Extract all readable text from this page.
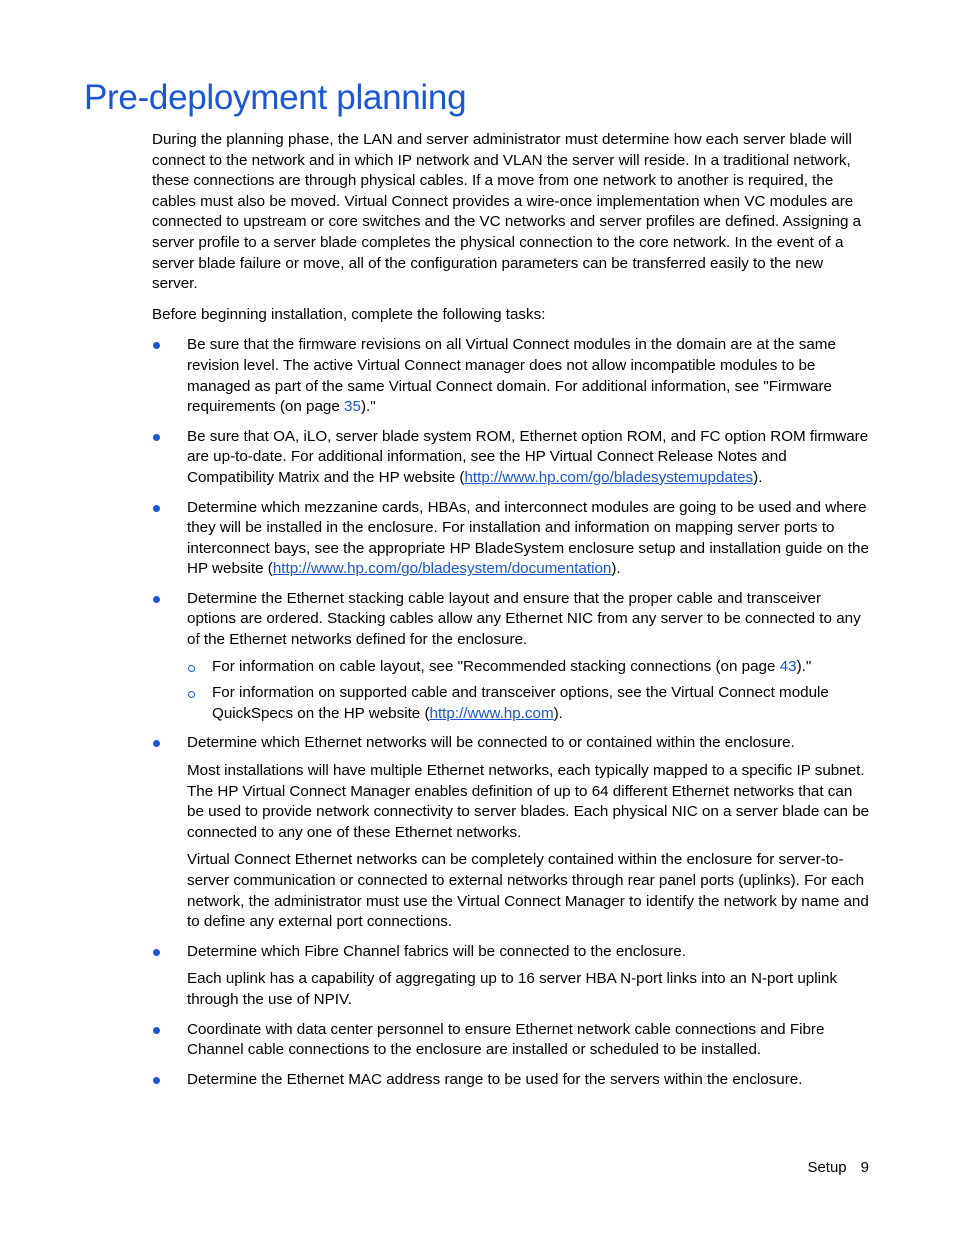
Pre-deployment planning

During the planning phase, the LAN and server administrator must determine how each server blade will connect to the network and in which IP network and VLAN the server will reside. In a traditional network, these connections are through physical cables. If a move from one network to another is required, the cables must also be moved. Virtual Connect provides a wire-once implementation when VC modules are connected to upstream or core switches and the VC networks and server profiles are defined. Assigning a server profile to a server blade completes the physical connection to the core network. In the event of a server blade failure or move, all of the configuration parameters can be transferred easily to the new server.

Before beginning installation, complete the following tasks:

Be sure that the firmware revisions on all Virtual Connect modules in the domain are at the same revision level. The active Virtual Connect manager does not allow incompatible modules to be managed as part of the same Virtual Connect domain. For additional information, see "Firmware requirements (on page 35)."

Be sure that OA, iLO, server blade system ROM, Ethernet option ROM, and FC option ROM firmware are up-to-date. For additional information, see the HP Virtual Connect Release Notes and Compatibility Matrix and the HP website (http://www.hp.com/go/bladesystemupdates).

Determine which mezzanine cards, HBAs, and interconnect modules are going to be used and where they will be installed in the enclosure. For installation and information on mapping server ports to interconnect bays, see the appropriate HP BladeSystem enclosure setup and installation guide on the HP website (http://www.hp.com/go/bladesystem/documentation).

Determine the Ethernet stacking cable layout and ensure that the proper cable and transceiver options are ordered. Stacking cables allow any Ethernet NIC from any server to be connected to any of the Ethernet networks defined for the enclosure.

For information on cable layout, see "Recommended stacking connections (on page 43)."

For information on supported cable and transceiver options, see the Virtual Connect module QuickSpecs on the HP website (http://www.hp.com).

Determine which Ethernet networks will be connected to or contained within the enclosure.

Most installations will have multiple Ethernet networks, each typically mapped to a specific IP subnet. The HP Virtual Connect Manager enables definition of up to 64 different Ethernet networks that can be used to provide network connectivity to server blades. Each physical NIC on a server blade can be connected to any one of these Ethernet networks.

Virtual Connect Ethernet networks can be completely contained within the enclosure for server-to-server communication or connected to external networks through rear panel ports (uplinks). For each network, the administrator must use the Virtual Connect Manager to identify the network by name and to define any external port connections.

Determine which Fibre Channel fabrics will be connected to the enclosure.

Each uplink has a capability of aggregating up to 16 server HBA N-port links into an N-port uplink through the use of NPIV.

Coordinate with data center personnel to ensure Ethernet network cable connections and Fibre Channel cable connections to the enclosure are installed or scheduled to be installed.

Determine the Ethernet MAC address range to be used for the servers within the enclosure.

Setup 9
